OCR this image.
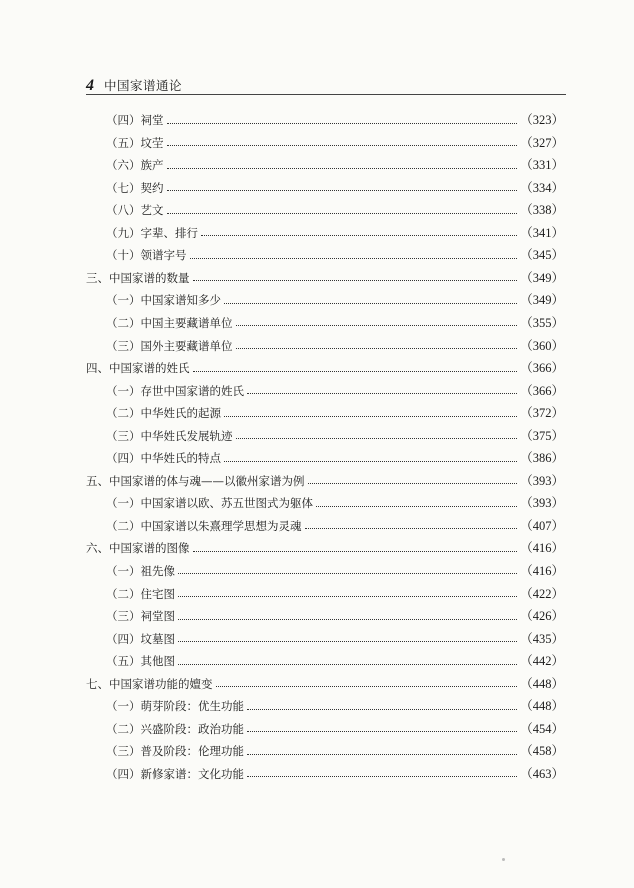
4 中国家谱通论
（四）祠堂	（323）
（五）坟茔	（327）
（六）族产	（331）
（七）契约	（334）
（八）艺文	（338）
（九）字辈、排行	（341）
（十）领谱字号	（345）
三、中国家谱的数量	（349）
（一）中国家谱知多少	（349）
（二）中国主要藏谱单位	（355）
（三）国外主要藏谱单位	（360）
四、中国家谱的姓氏	（366）
（一）存世中国家谱的姓氏	（366）
（二）中华姓氏的起源	（372）
（三）中华姓氏发展轨迹	（375）
（四）中华姓氏的特点	（386）
五、中国家谱的体与魂——以徽州家谱为例	（393）
（一）中国家谱以欧、苏五世图式为躯体	（393）
（二）中国家谱以朱熹理学思想为灵魂	（407）
六、中国家谱的图像	（416）
（一）祖先像	（416）
（二）住宅图	（422）
（三）祠堂图	（426）
（四）坟墓图	（435）
（五）其他图	（442）
七、中国家谱功能的嬗变	（448）
（一）萌芽阶段：优生功能	（448）
（二）兴盛阶段：政治功能	（454）
（三）普及阶段：伦理功能	（458）
（四）新修家谱：文化功能	（463）
